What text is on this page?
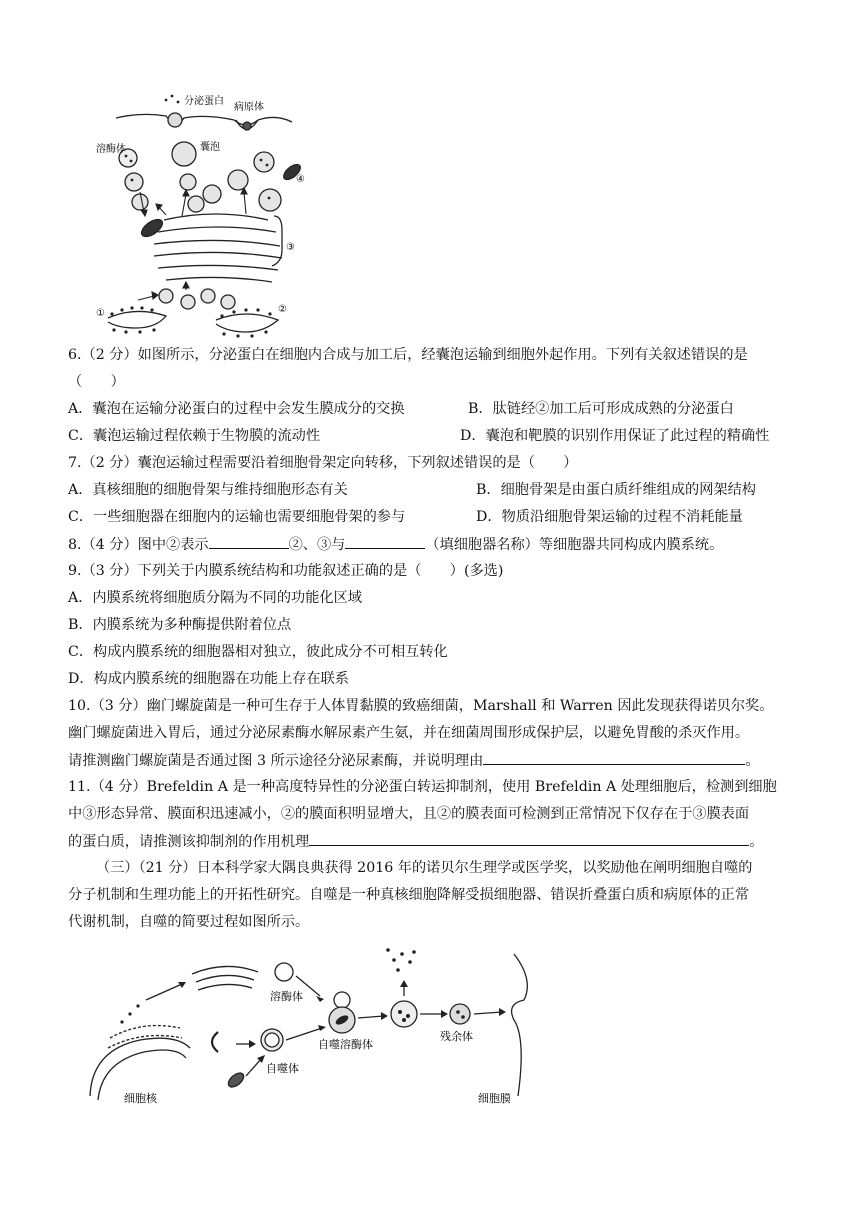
分泌蛋白
病原体
溶酶体	囊泡
③
④
①	②
6.（2 分）如图所示，分泌蛋白在细胞内合成与加工后，经囊泡运输到细胞外起作用。下列有关叙述错误的是
（　　）
A．囊泡在运输分泌蛋白的过程中会发生膜成分的交换	B．肽链经②加工后可形成成熟的分泌蛋白
C．囊泡运输过程依赖于生物膜的流动性	D．囊泡和靶膜的识别作用保证了此过程的精确性
7.（2 分）囊泡运输过程需要沿着细胞骨架定向转移，下列叙述错误的是（　　）
A．真核细胞的细胞骨架与维持细胞形态有关	B．细胞骨架是由蛋白质纤维组成的网架结构
C．一些细胞器在细胞内的运输也需要细胞骨架的参与	D．物质沿细胞骨架运输的过程不消耗能量
8.（4 分）图中②表示	②、③与	（填细胞器名称）等细胞器共同构成内膜系统。
9.（3 分）下列关于内膜系统结构和功能叙述正确的是（　　）(多选)
A．内膜系统将细胞质分隔为不同的功能化区域
B．内膜系统为多种酶提供附着位点
C．构成内膜系统的细胞器相对独立，彼此成分不可相互转化
D．构成内膜系统的细胞器在功能上存在联系
10.（3 分）幽门螺旋菌是一种可生存于人体胃黏膜的致癌细菌，Marshall 和 Warren 因此发现获得诺贝尔奖。
幽门螺旋菌进入胃后，通过分泌尿素酶水解尿素产生氨，并在细菌周围形成保护层，以避免胃酸的杀灭作用。
请推测幽门螺旋菌是否通过图 3 所示途径分泌尿素酶，并说明理由	。
11.（4 分）Brefeldin A 是一种高度特异性的分泌蛋白转运抑制剂，使用 Brefeldin A 处理细胞后，检测到细胞
中③形态异常、膜面积迅速减小，②的膜面积明显增大，且②的膜表面可检测到正常情况下仅存在于③膜表面
的蛋白质，请推测该抑制剂的作用机理	。
（三）（21 分）日本科学家大隅良典获得 2016 年的诺贝尔生理学或医学奖，以奖励他在阐明细胞自噬的
分子机制和生理功能上的开拓性研究。自噬是一种真核细胞降解受损细胞器、错误折叠蛋白质和病原体的正常
代谢机制，自噬的简要过程如图所示。
溶酶体
自噬溶酶体
残余体
自噬体
细胞核	细胞膜
